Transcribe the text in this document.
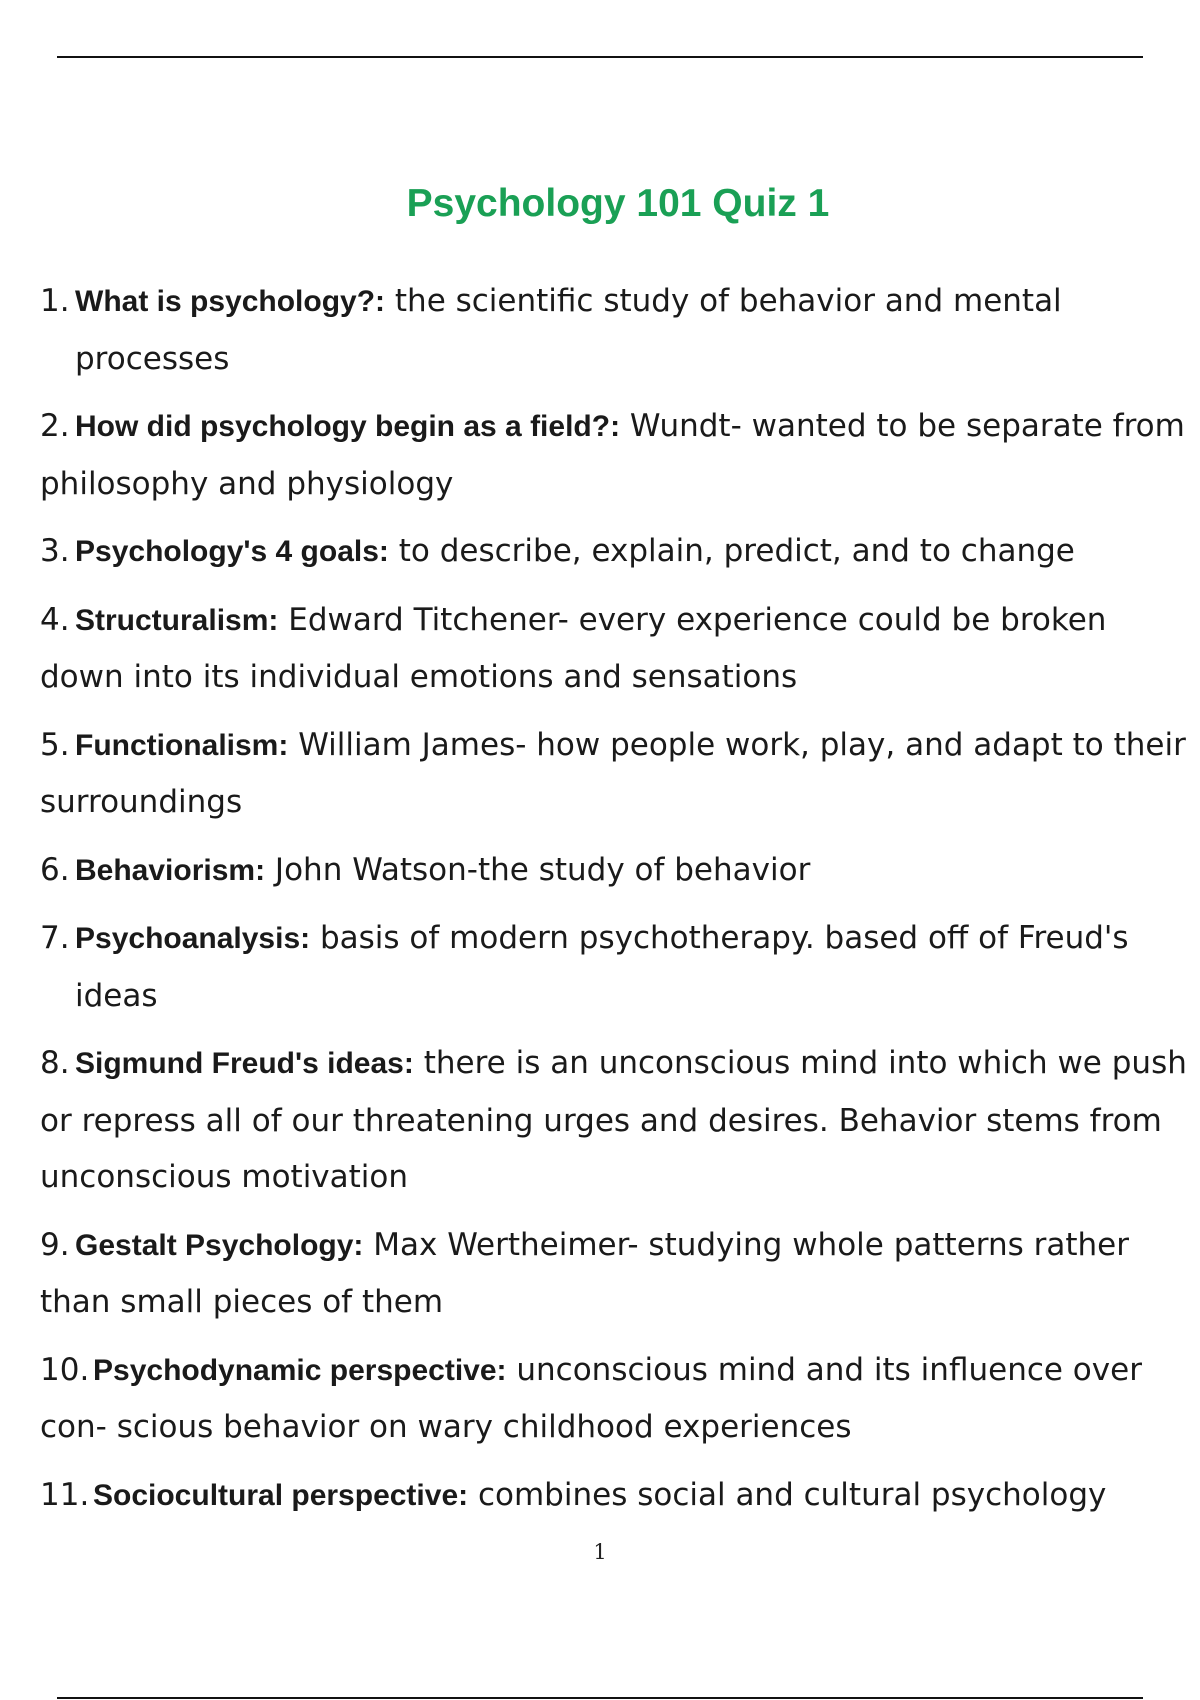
Psychology 101 Quiz 1
1. What is psychology?: the scientific study of behavior and mental processes
2. How did psychology begin as a field?: Wundt- wanted to be separate from philosophy and physiology
3. Psychology's 4 goals: to describe, explain, predict, and to change
4. Structuralism: Edward Titchener- every experience could be broken down into its individual emotions and sensations
5. Functionalism: William James- how people work, play, and adapt to their surroundings
6. Behaviorism: John Watson-the study of behavior
7. Psychoanalysis: basis of modern psychotherapy. based off of Freud's ideas
8. Sigmund Freud's ideas: there is an unconscious mind into which we push or repress all of our threatening urges and desires. Behavior stems from unconscious motivation
9. Gestalt Psychology: Max Wertheimer- studying whole patterns rather than small pieces of them
10. Psychodynamic perspective: unconscious mind and its influence over con- scious behavior on wary childhood experiences
11. Sociocultural perspective: combines social and cultural psychology
1
